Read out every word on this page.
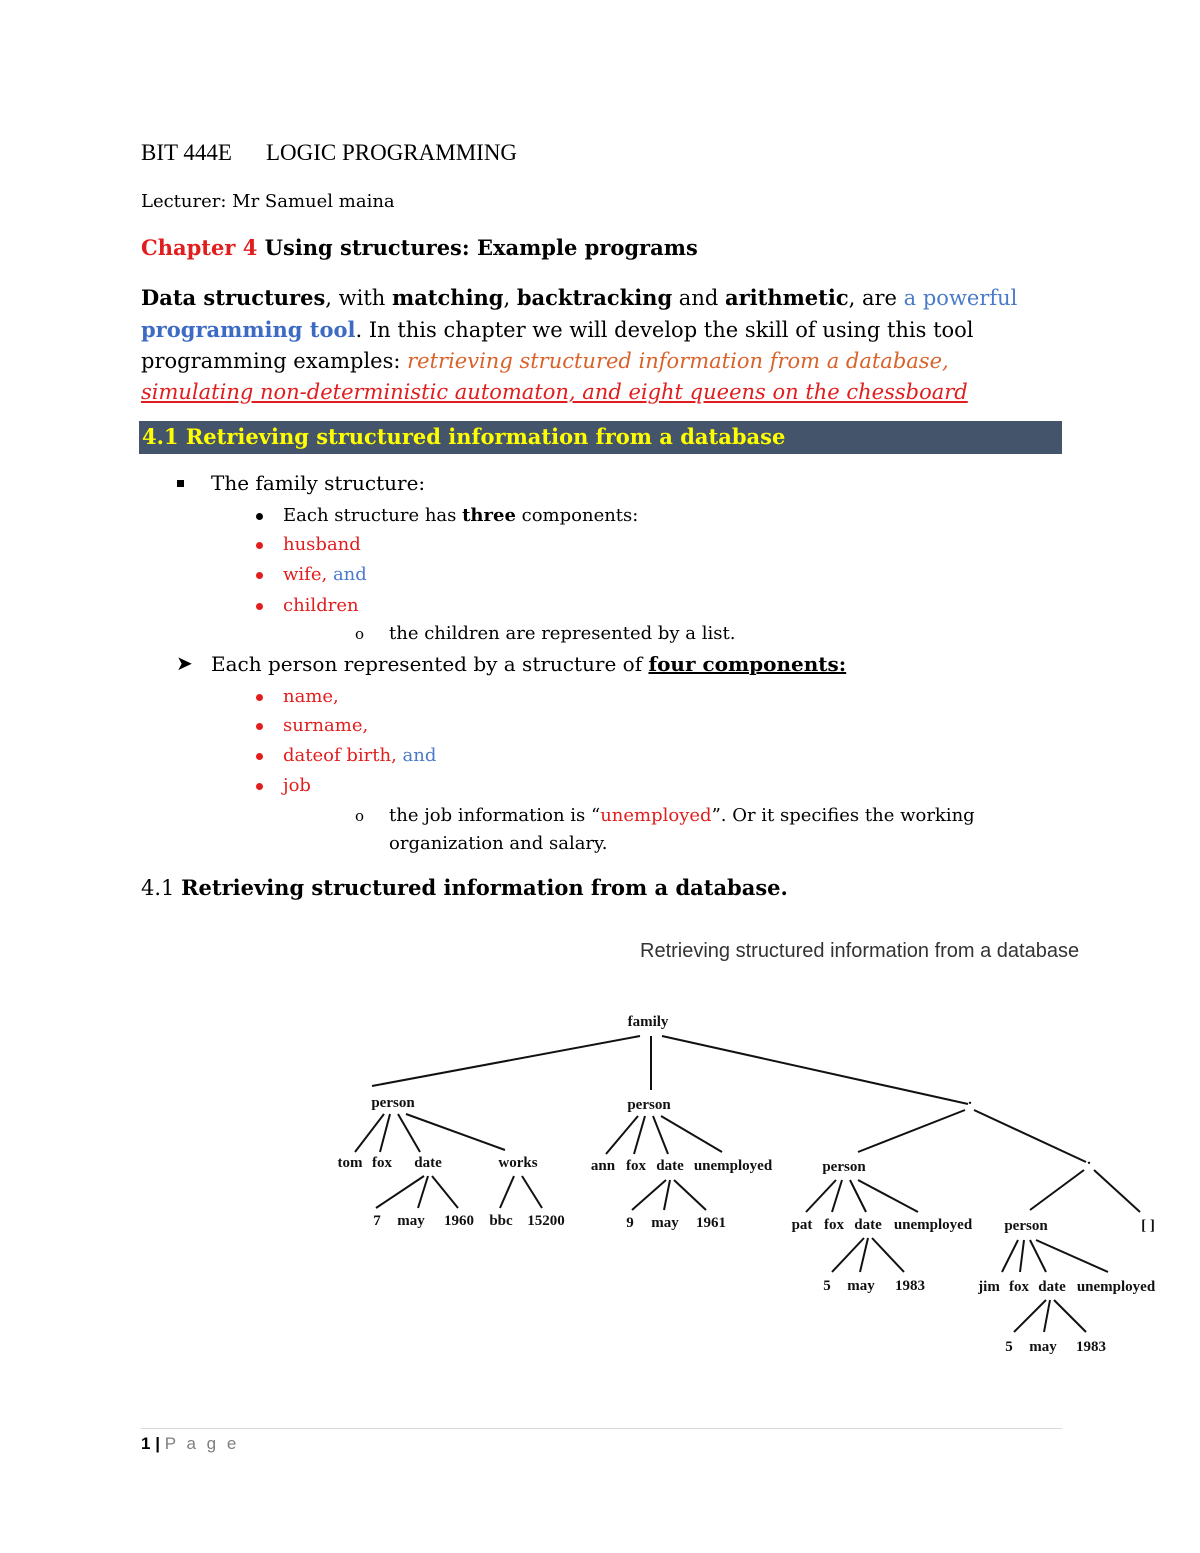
BIT 444E LOGIC PROGRAMMING
Lecturer: Mr Samuel maina
Chapter 4 Using structures: Example programs
Data structures, with matching, backtracking and arithmetic, are a powerful programming tool. In this chapter we will develop the skill of using this tool programming examples: retrieving structured information from a database, simulating non-deterministic automaton, and eight queens on the chessboard
4.1 Retrieving structured information from a database
The family structure:
Each structure has three components:
husband
wife, and
children
o the children are represented by a list.
➤ Each person represented by a structure of four components:
name,
surname,
dateof birth, and
job
o the job information is “unemployed”. Or it specifies the working
organization and salary.
4.1 Retrieving structured information from a database.
Retrieving structured information from a database
family
person
tom fox date	works
7 may 1960 bbc 15200
person
ann fox date unemployed
9 may 1961
.
.
person
pat fox date unemployed
5 may 1983
person	[ ]
jim fox date unemployed
5 may 1983
1 | P a g e
